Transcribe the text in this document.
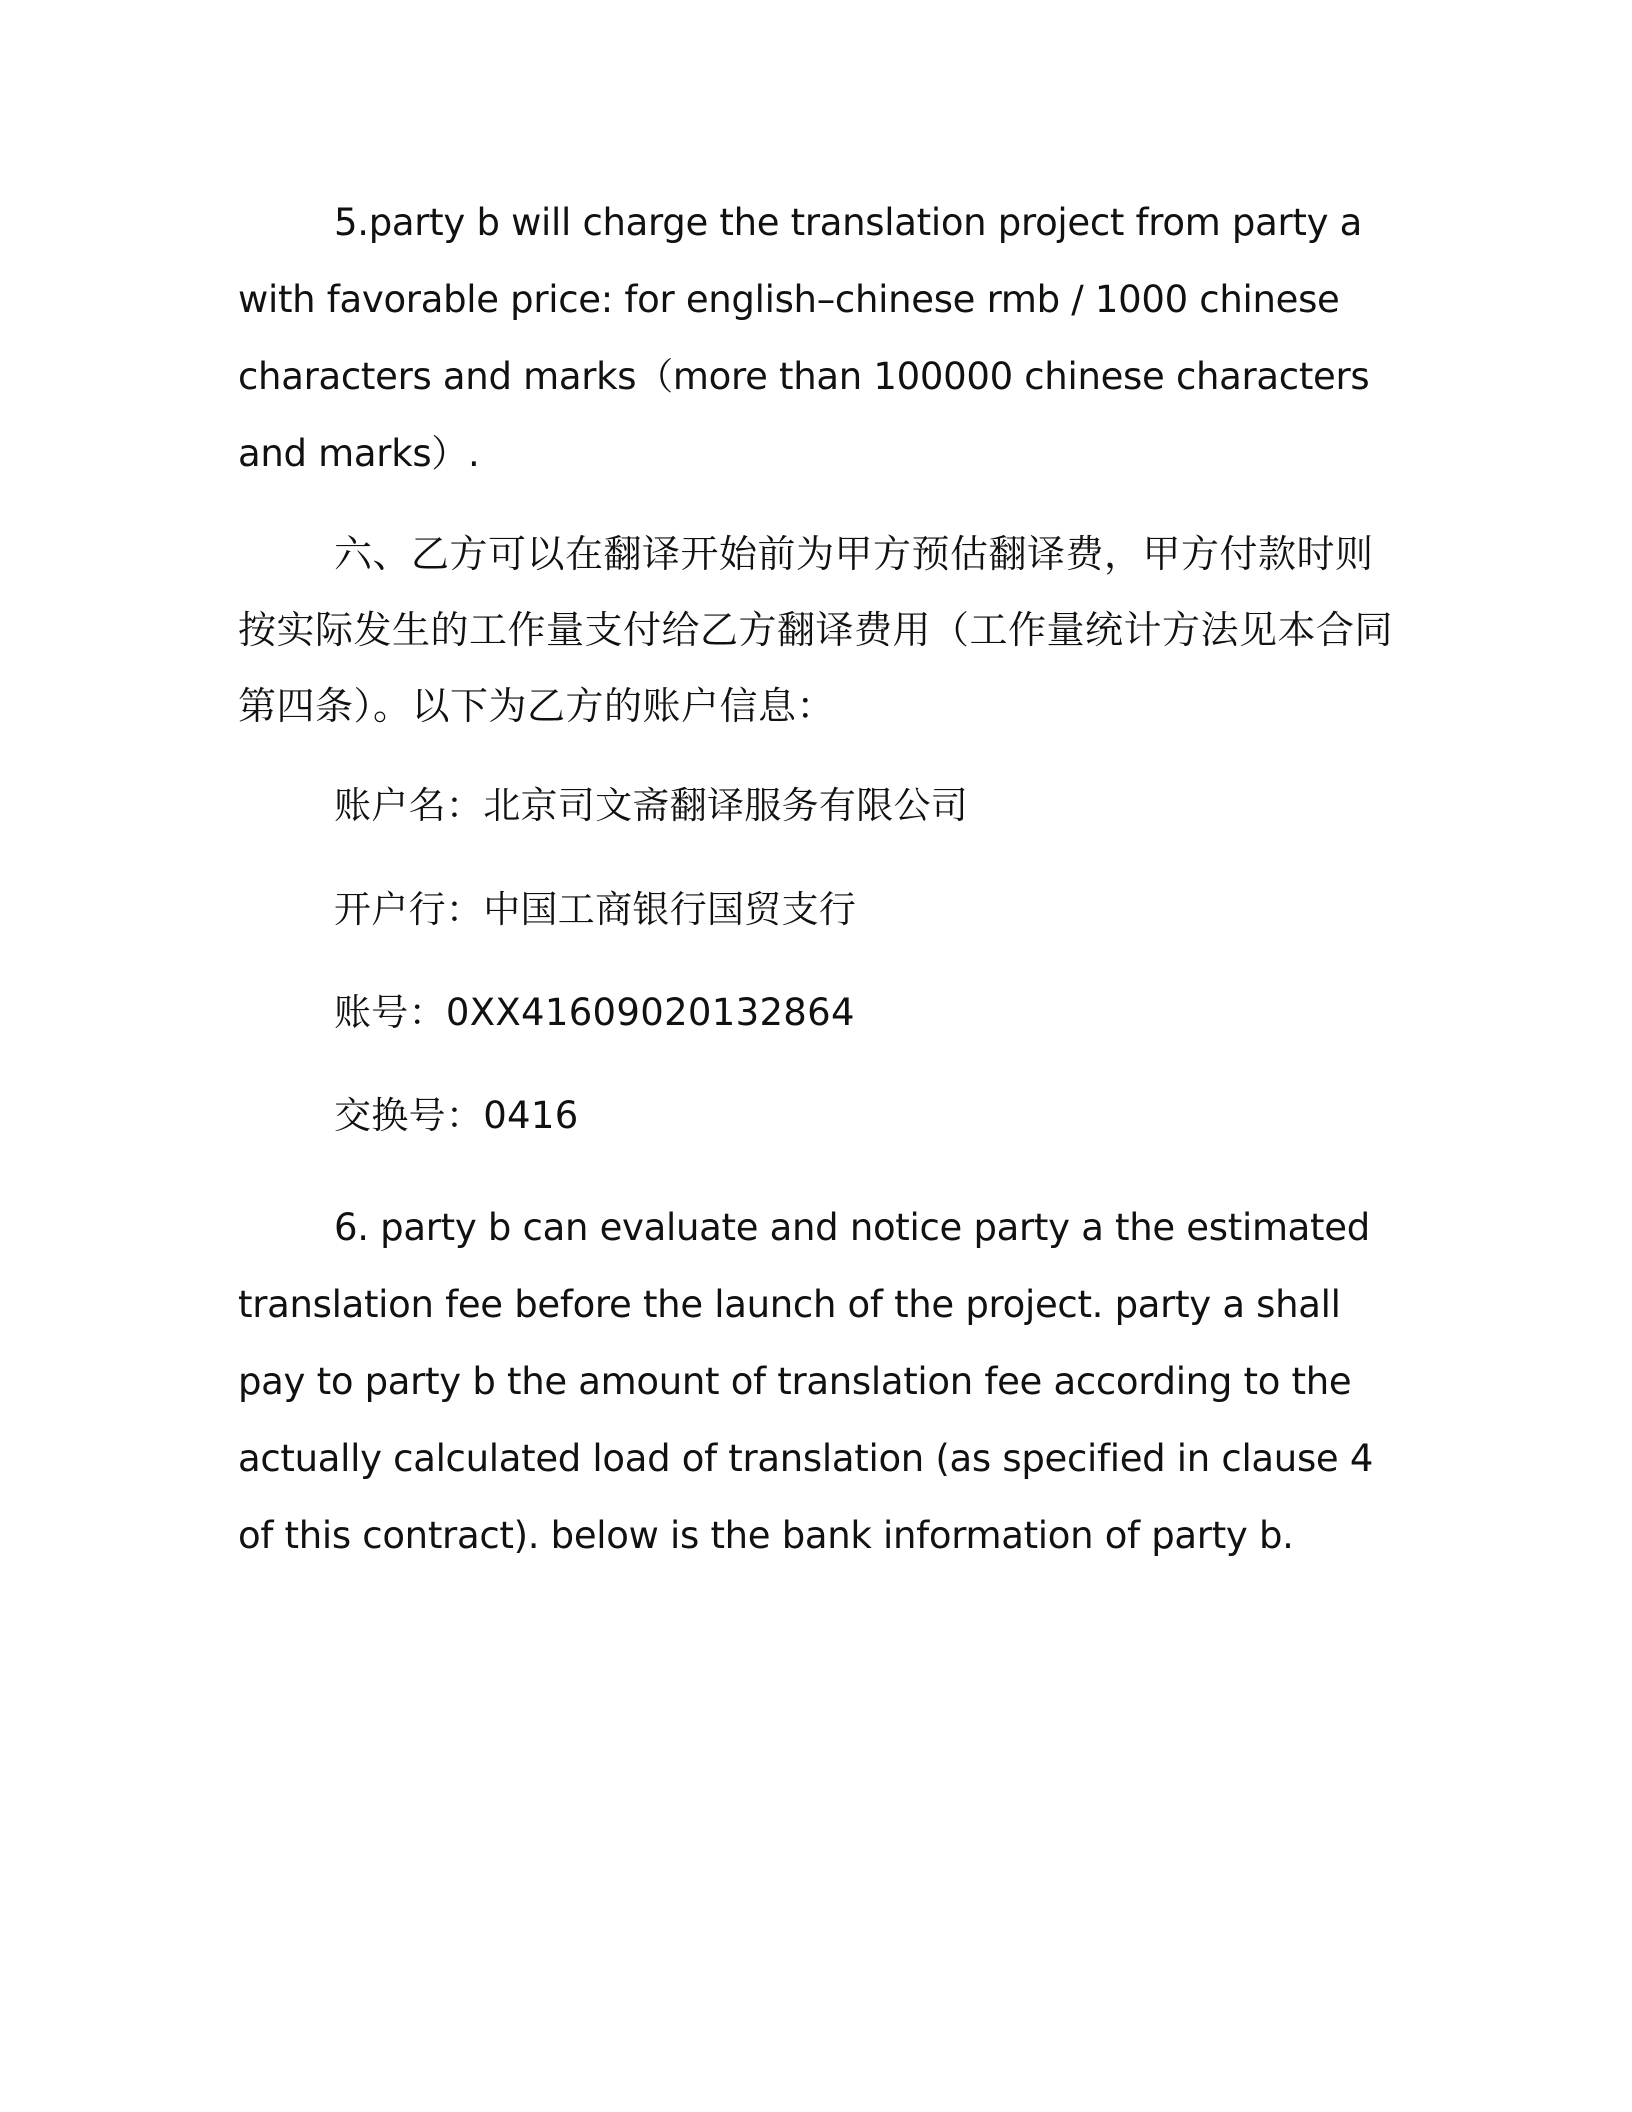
5.party b will charge the translation project from party a with favorable price: for english–chinese rmb / 1000 chinese characters and marks（more than 100000 chinese characters and marks）.

六、乙方可以在翻译开始前为甲方预估翻译费，甲方付款时则按实际发生的工作量支付给乙方翻译费用（工作量统计方法见本合同第四条）。以下为乙方的账户信息：

账户名：北京司文斋翻译服务有限公司

开户行：中国工商银行国贸支行

账号：0XX41609020132864

交换号：0416

6. party b can evaluate and notice party a the estimated translation fee before the launch of the project. party a shall pay to party b the amount of translation fee according to the actually calculated load of translation (as specified in clause 4 of this contract). below is the bank information of party b.
